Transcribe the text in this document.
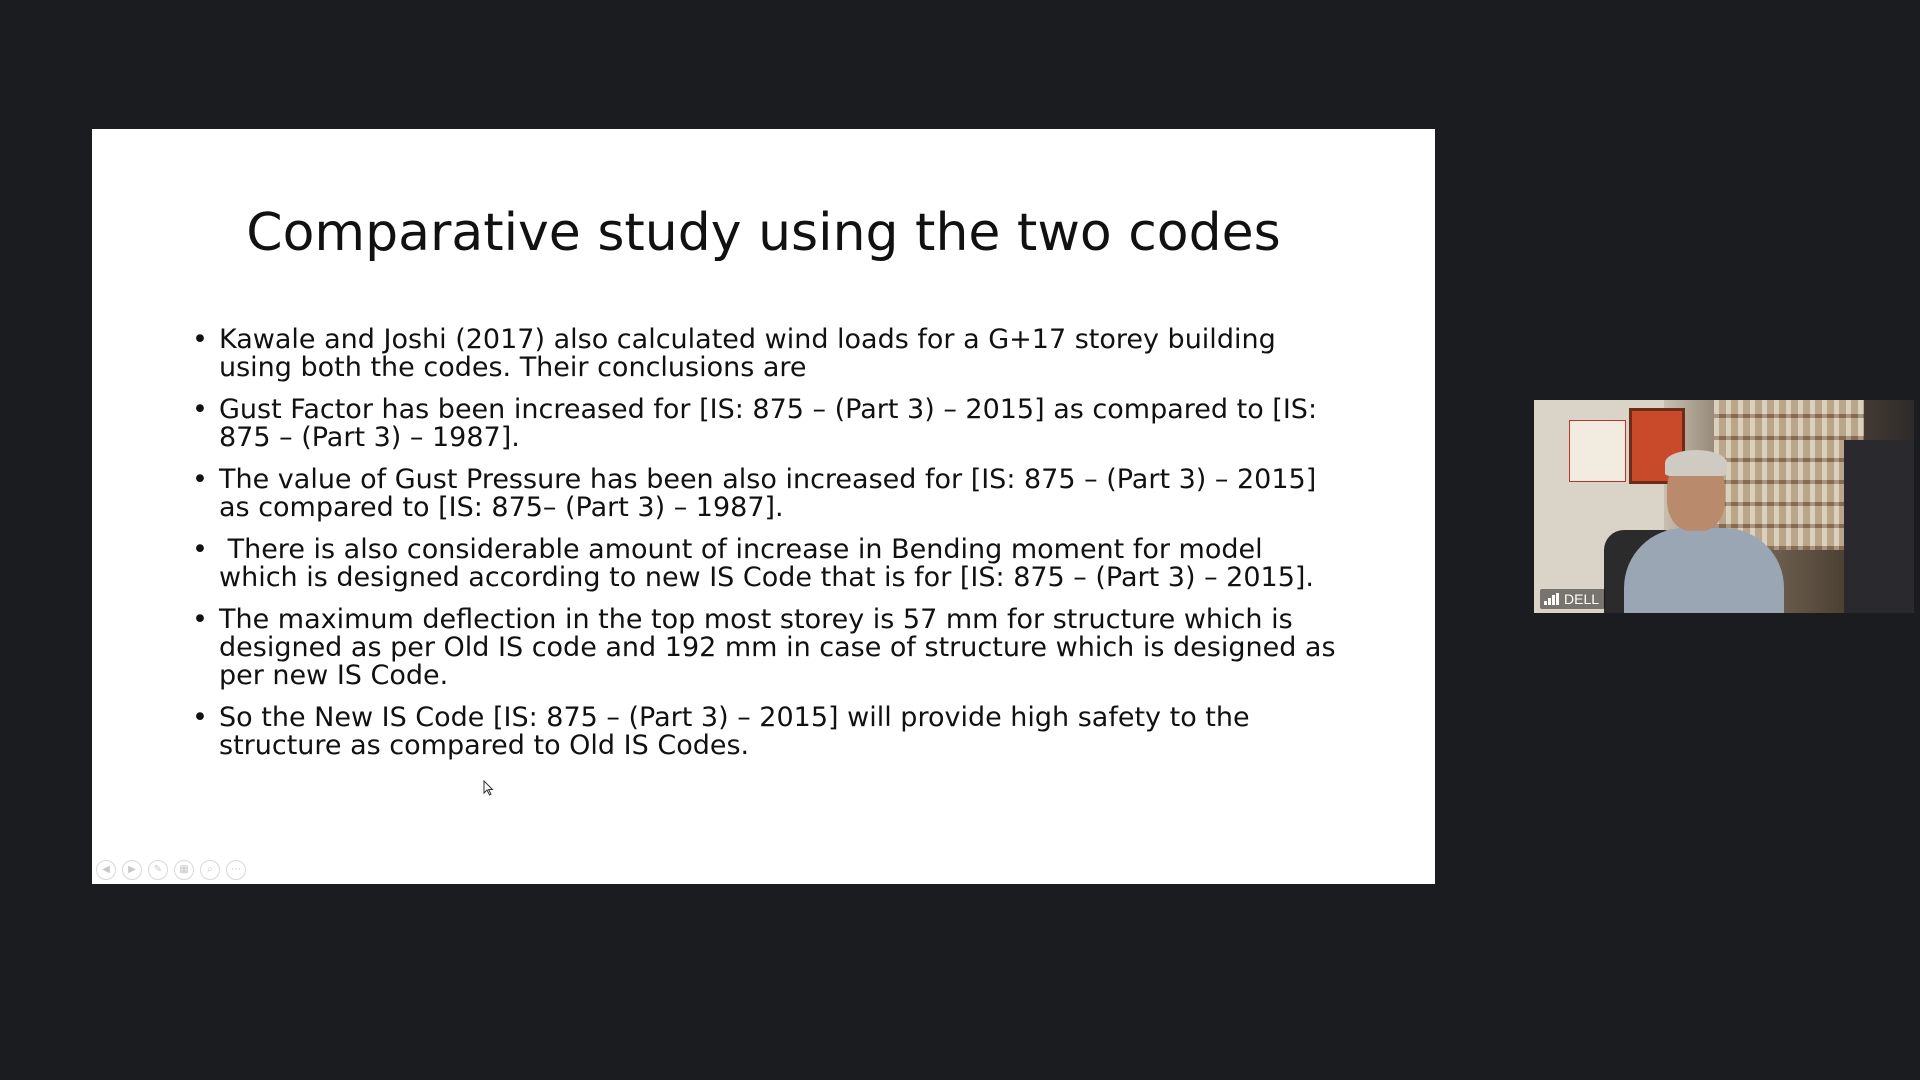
Comparative study using the two codes
• Kawale and Joshi (2017) also calculated wind loads for a G+17 storey building using both the codes. Their conclusions are
• Gust Factor has been increased for [IS: 875 – (Part 3) – 2015] as compared to [IS: 875 – (Part 3) – 1987].
• The value of Gust Pressure has been also increased for [IS: 875 – (Part 3) – 2015] as compared to [IS: 875– (Part 3) – 1987].
• There is also considerable amount of increase in Bending moment for model which is designed according to new IS Code that is for [IS: 875 – (Part 3) – 2015].
• The maximum deflection in the top most storey is 57 mm for structure which is designed as per Old IS code and 192 mm in case of structure which is designed as per new IS Code.
• So the New IS Code [IS: 875 – (Part 3) – 2015] will provide high safety to the structure as compared to Old IS Codes.
◀	▶	✎	▦	⌕	⋯
DELL
